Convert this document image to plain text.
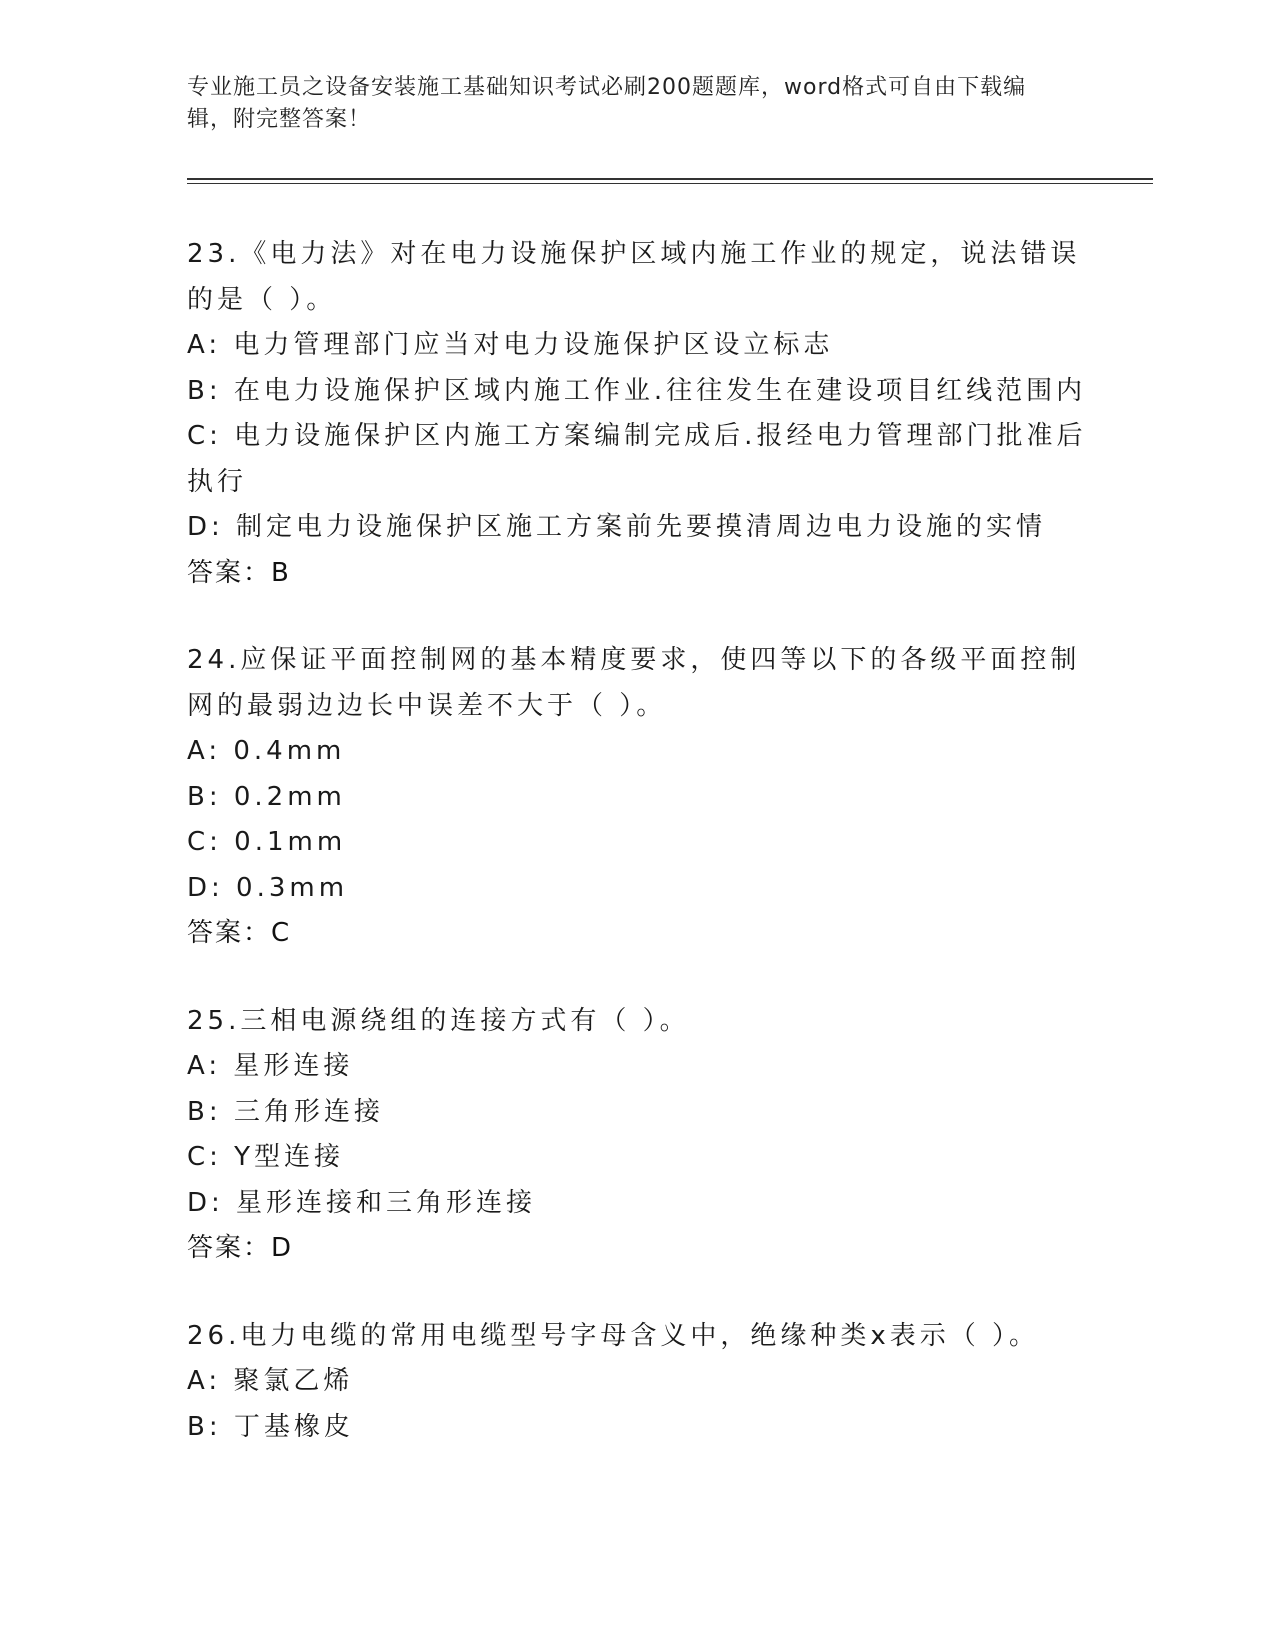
专业施工员之设备安装施工基础知识考试必刷200题题库，word格式可自由下载编辑，附完整答案！
23.《电力法》对在电力设施保护区域内施工作业的规定，说法错误的是（ ）。
A: 电力管理部门应当对电力设施保护区设立标志
B: 在电力设施保护区域内施工作业.往往发生在建设项目红线范围内
C: 电力设施保护区内施工方案编制完成后.报经电力管理部门批准后执行
D: 制定电力设施保护区施工方案前先要摸清周边电力设施的实情
答案：B
24.应保证平面控制网的基本精度要求，使四等以下的各级平面控制网的最弱边边长中误差不大于（ ）。
A: 0.4mm
B: 0.2mm
C: 0.1mm
D: 0.3mm
答案：C
25.三相电源绕组的连接方式有（ ）。
A: 星形连接
B: 三角形连接
C: Y型连接
D: 星形连接和三角形连接
答案：D
26.电力电缆的常用电缆型号字母含义中，绝缘种类x表示（ ）。
A: 聚氯乙烯
B: 丁基橡皮
